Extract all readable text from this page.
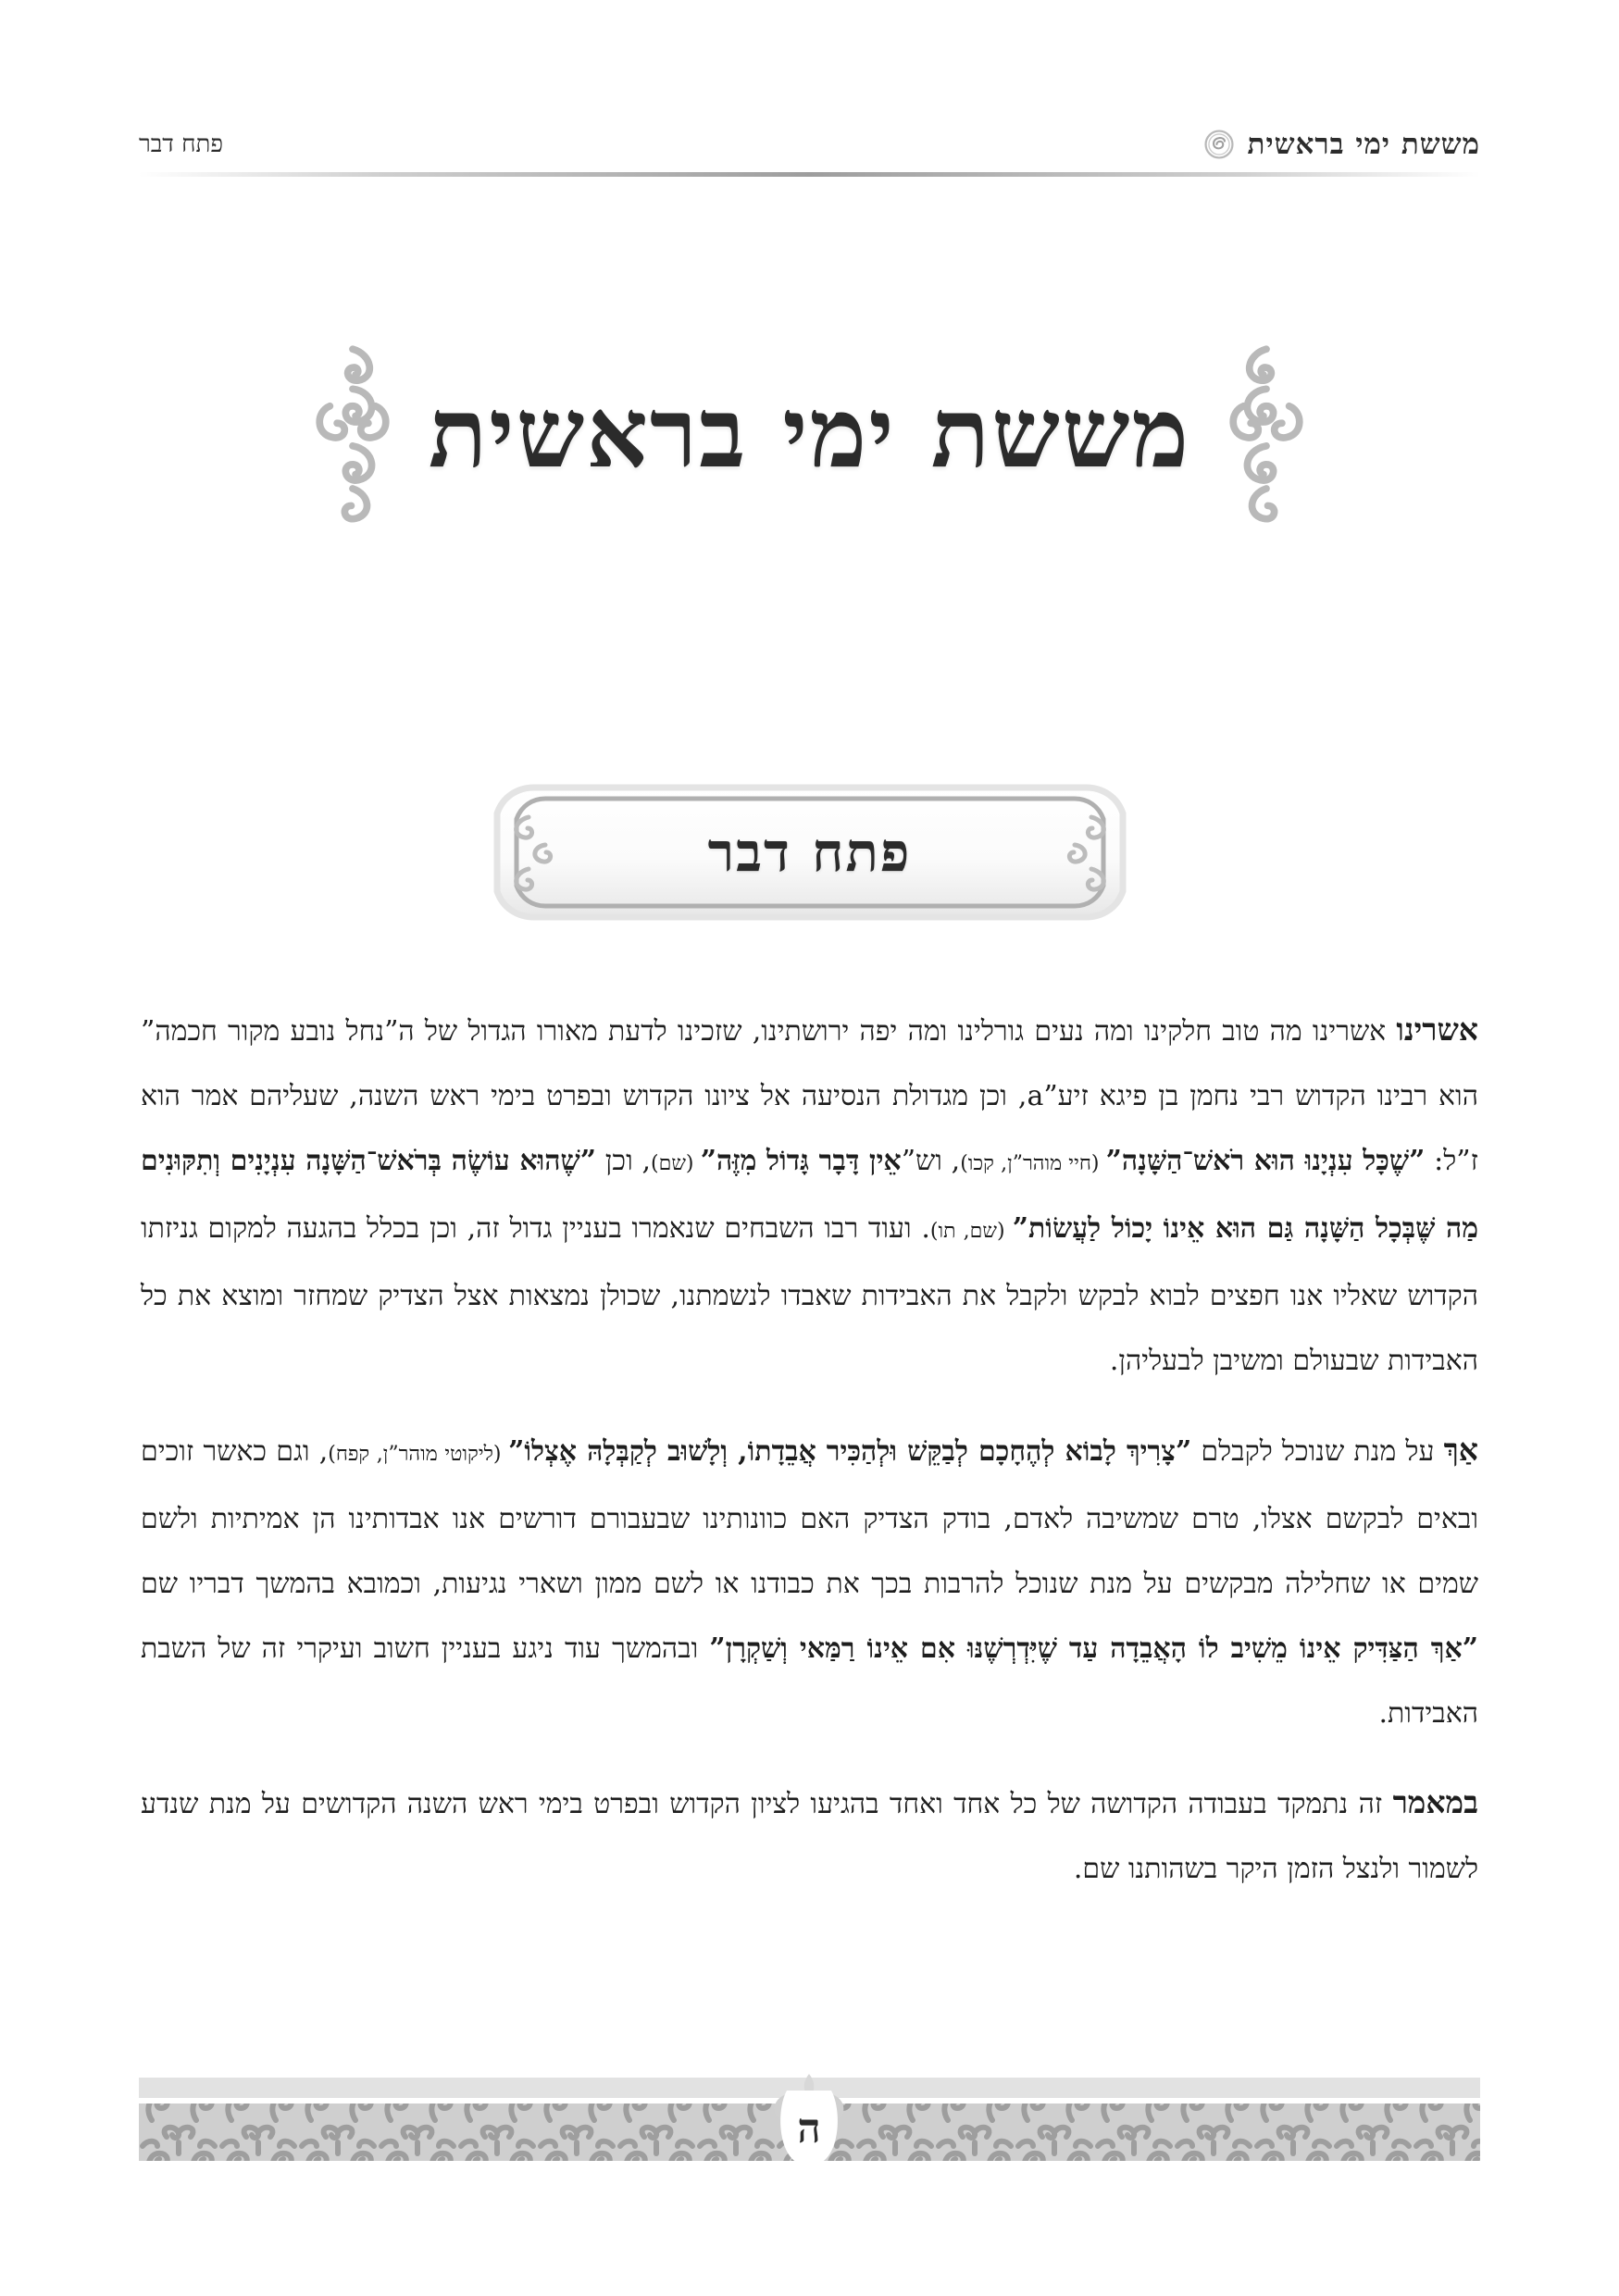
מששת ימי בראשית
פתח דבר
מששת ימי בראשית
פתח דבר

אשרינו אשרינו מה טוב חלקינו ומה נעים גורלינו ומה יפה ירושתינו, שזכינו לדעת מאורו הגדול של ה”נחל נובע מקור חכמה” הוא רבינו הקדוש רבי נחמן בן פיגא זיע”a, וכן מגדולת הנסיעה אל ציונו הקדוש ובפרט בימי ראש השנה, שעליהם אמר הוא ז”ל: ”שֶׁכָּל עִנְיָנוּ הוּא רֹאשׁ־הַשָּׁנָה” (חיי מוהר”ן, קכו), וש”אֵין דָּבָר גָּדוֹל מִזֶּה” (שם), וכן ”שֶׁהוּא עוֹשֶׂה בְּרֹאשׁ־הַשָּׁנָה עִנְיָנִים וְתִקּוּנִים מַה שֶּׁבְּכָל הַשָּׁנָה גַּם הוּא אֵינוֹ יָכוֹל לַעֲשׂוֹת” (שם, תו). ועוד רבו השבחים שנאמרו בעניין גדול זה, וכן בכלל בהגעה למקום גניזתו הקדוש שאליו אנו חפצים לבוא לבקש ולקבל את האבידות שאבדו לנשמתנו, שכולן נמצאות אצל הצדיק שמחזר ומוצא את כל האבידות שבעולם ומשיבן לבעליהן.

אַךְ על מנת שנוכל לקבלם ”צָרִיךְ לָבוֹא לְהֶחָכָם לְבַקֵּשׁ וּלְהַכִּיר אֲבֵדָתוֹ, וְלָשׁוּב לְקַבְּלָהּ אֶצְלוֹ” (ליקוטי מוהר”ן, קפח), וגם כאשר זוכים ובאים לבקשם אצלו, טרם שמשיבה לאדם, בודק הצדיק האם כוונותינו שבעבורם דורשים אנו אבדותינו הן אמיתיות ולשם שמים או שחלילה מבקשים על מנת שנוכל להרבות בכך את כבודנו או לשם ממון ושארי נגיעות, וכמובא בהמשך דבריו שם ”אַךְ הַצַּדִּיק אֵינוֹ מֵשִׁיב לוֹ הָאֲבֵדָה עַד שֶׁיִּדְרְשֶׁנּוּ אִם אֵינוֹ רַמַּאי וְשַׁקְרָן” ובהמשך עוד ניגע בעניין חשוב ועיקרי זה של השבת האבידות.

במאמר זה נתמקד בעבודה הקדושה של כל אחד ואחד בהגיעו לציון הקדוש ובפרט בימי ראש השנה הקדושים על מנת שנדע לשמור ולנצל הזמן היקר בשהותנו שם.

ה
